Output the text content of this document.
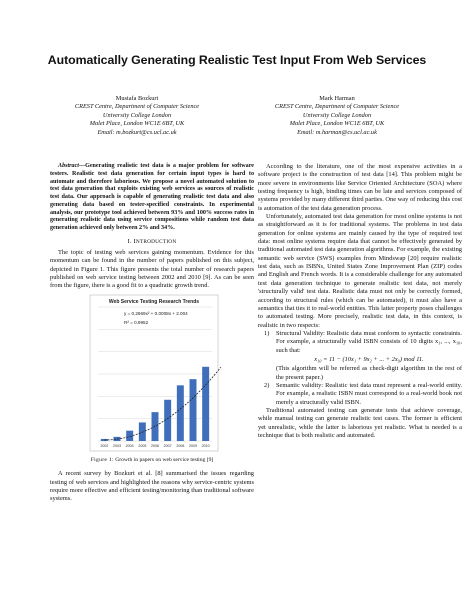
Automatically Generating Realistic Test Input From Web Services
Mustafa Bozkurt
CREST Centre, Department of Computer Science
University College London
Malet Place, London WC1E 6BT, UK
Email: m.bozkurt@cs.ucl.ac.uk
Mark Harman
CREST Centre, Department of Computer Science
University College London
Malet Place, London WC1E 6BT, UK
Email: m.harman@cs.ucl.ac.uk

Abstract—Generating realistic test data is a major problem for software testers. Realistic test data generation for certain input types is hard to automate and therefore laborious. We propose a novel automated solution to test data generation that exploits existing web services as sources of realistic test data. Our approach is capable of generating realistic test data and also generating data based on tester-specified constraints. In experimental analysis, our prototype tool achieved between 93% and 100% success rates in generating realistic data using service compositions while random test data generation achieved only between 2% and 34%.

I. INTRODUCTION

The topic of testing web services gaining momentum. Evidence for this momentum can be found in the number of papers published on this subject, depicted in Figure 1. This figure presents the total number of research papers published on web service testing between 2002 and 2010 [9]. As can be seen from the figure, there is a good fit to a quadratic growth trend.

Web Service Testing Research Trends
y = 0.2669x² + 0.0008x + 2.004
R² = 0.9952
2002 2003 2004 2005 2006 2007 2008 2009 2010
Figure 1: Growth in papers on web service testing [9]

A recent survey by Bozkurt et al. [8] summarised the issues regarding testing of web services and highlighted the reasons why service-centric systems require more effective and efficient testing/monitoring than traditional software systems.

According to the literature, one of the most expensive activities in a software project is the construction of test data [14]. This problem might be more severe in environments like Service Oriented Architecture (SOA) where testing frequency is high, binding times can be late and services composed of systems provided by many different third parties. One way of reducing this cost is automation of the test data generation process.

Unfortunately, automated test data generation for most online systems is not as straightforward as it is for traditional systems. The problems in test data generation for online systems are mainly caused by the type of required test data: most online systems require data that cannot be effectively generated by traditional automated test data generation algorithms. For example, the existing semantic web service (SWS) examples from Mindswap [20] require realistic test data, such as ISBNs, United States Zone Improvement Plan (ZIP) codes and English and French words. It is a considerable challenge for any automated test data generation technique to generate realistic test data, not merely 'structurally valid' test data. Realistic data must not only be correctly formed, according to structural rules (which can be automated), it must also have a semantics that ties it to real-world entities. This latter property poses challenges to automated testing. More precisely, realistic test data, in this context, is realistic in two respects:

1) Structural Validity: Realistic data must conform to syntactic constraints. For example, a structurally valid ISBN consists of 10 digits x₁, ..., x₁₀, such that:
x₁₀ = 11 − (10x₁ + 9x₂ + ... + 2x₉) mod 11.
(This algorithm will be referred as check-digit algorithm in the rest of the present paper.)
2) Semantic validity: Realistic test data must represent a real-world entity. For example, a realistic ISBN must correspond to a real-world book not merely a structurally valid ISBN.

Traditional automated testing can generate tests that achieve coverage, while manual testing can generate realistic test cases. The former is efficient yet unrealistic, while the latter is laborious yet realistic. What is needed is a technique that is both realistic and automated.
